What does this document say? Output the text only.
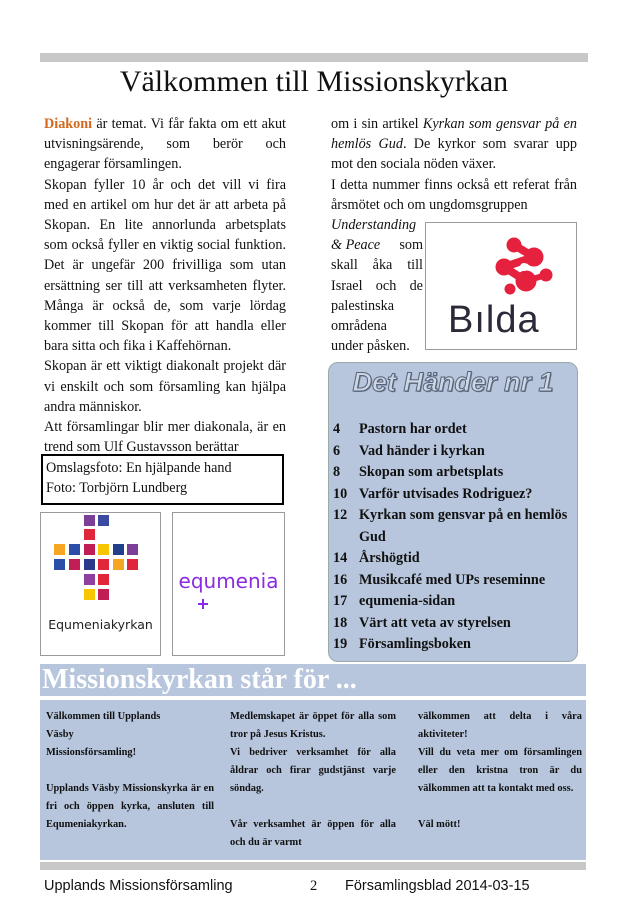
Välkommen till Missionskyrkan

Diakoni är temat. Vi får fakta om ett akut utvisningsärende, som berör och engagerar församlingen.

Skopan fyller 10 år och det vill vi fira med en artikel om hur det är att arbeta på Skopan. En lite annorlunda arbetsplats som också fyller en viktig social funktion. Det är ungefär 200 frivilliga som utan ersättning ser till att verksamheten flyter. Många är också de, som varje lördag kommer till Skopan för att handla eller bara sitta och fika i Kaffehörnan.

Skopan är ett viktigt diakonalt projekt där vi enskilt och som församling kan hjälpa andra människor.

Att församlingar blir mer diakonala, är en trend som Ulf Gustavsson berättar

om i sin artikel Kyrkan som gensvar på en hemlös Gud. De kyrkor som svarar upp mot den sociala nöden växer.

I detta nummer finns också ett referat från årsmötet och om ungdomsgruppen

Understanding
& Peace som
skall åka till
Israel och de
palestinska
områdena
under påsken.
Bılda
Omslagsfoto: En hjälpande hand
Foto: Torbjörn Lundberg
Equmeniakyrkan
equmenia
Det Händer nr 1
4	Pastorn har ordet
6	Vad händer i kyrkan
8	Skopan som arbetsplats
10 Varför utvisades Rodriguez?
12 Kyrkan som gensvar på en hemlös Gud
14 Årshögtid
16 Musikcafé med UPs reseminne
17 equmenia-sidan
18 Värt att veta av styrelsen
19 Församlingsboken
Missionskyrkan står för ...

Välkommen till Upplands Väsby Missionsförsamling!

Upplands Väsby Missionskyrka är en fri och öppen kyrka, ansluten till Equmeniakyrkan.

Medlemskapet är öppet för alla som tror på Jesus Kristus.

Vi bedriver verksamhet för alla åldrar och firar gudstjänst varje söndag.

Vår verksamhet är öppen för alla och du är varmt

välkommen att delta i våra aktiviteter!

Vill du veta mer om församlingen eller den kristna tron är du välkommen att ta kontakt med oss.

Väl mött!

Upplands Missionsförsamling	2 Församlingsblad 2014-03-15
